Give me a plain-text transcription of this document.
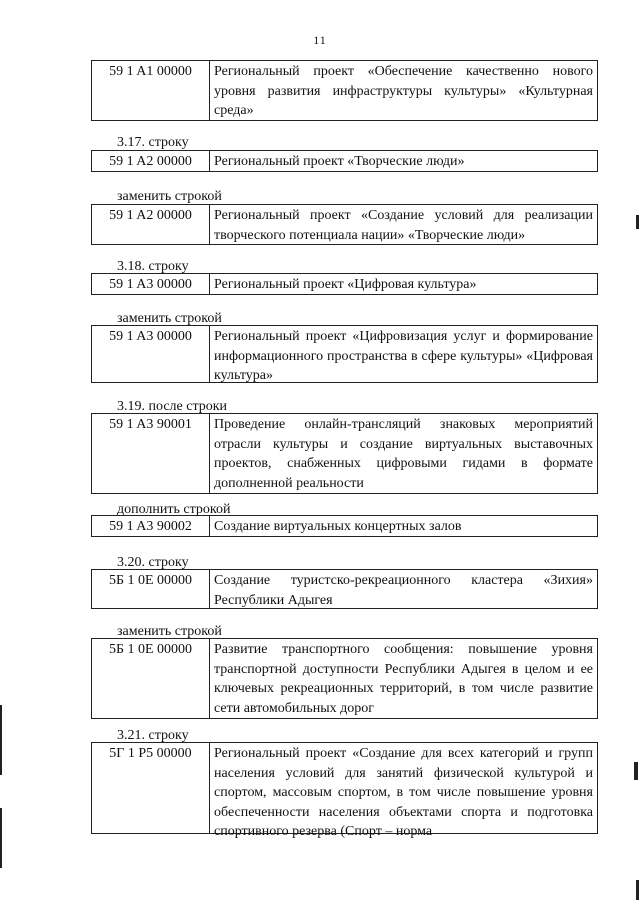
11
59 1 A1 00000	Региональный проект «Обеспечение качественно нового уровня развития инфраструктуры культуры» «Культурная среда»
3.17. строку
59 1 A2 00000	Региональный проект «Творческие люди»
заменить строкой
59 1 A2 00000	Региональный проект «Создание условий для реализации творческого потенциала нации» «Творческие люди»
3.18. строку
59 1 A3 00000	Региональный проект «Цифровая культура»
заменить строкой
59 1 A3 00000	Региональный проект «Цифровизация услуг и формирование информационного пространства в сфере культуры» «Цифровая культура»
3.19. после строки
59 1 A3 90001	Проведение онлайн-трансляций знаковых мероприятий отрасли культуры и создание виртуальных выставочных проектов, снабженных цифровыми гидами в формате дополненной реальности
дополнить строкой
59 1 A3 90002	Создание виртуальных концертных залов
3.20. строку
5Б 1 0Е 00000	Создание туристско-рекреационного кластера «Зихия» Республики Адыгея
заменить строкой
5Б 1 0Е 00000	Развитие транспортного сообщения: повышение уровня транспортной доступности Республики Адыгея в целом и ее ключевых рекреационных территорий, в том числе развитие сети автомобильных дорог
3.21. строку
5Г 1 P5 00000	Региональный проект «Создание для всех категорий и групп населения условий для занятий физической культурой и спортом, массовым спортом, в том числе повышение уровня обеспеченности населения объектами спорта и подготовка спортивного резерва (Спорт – норма
